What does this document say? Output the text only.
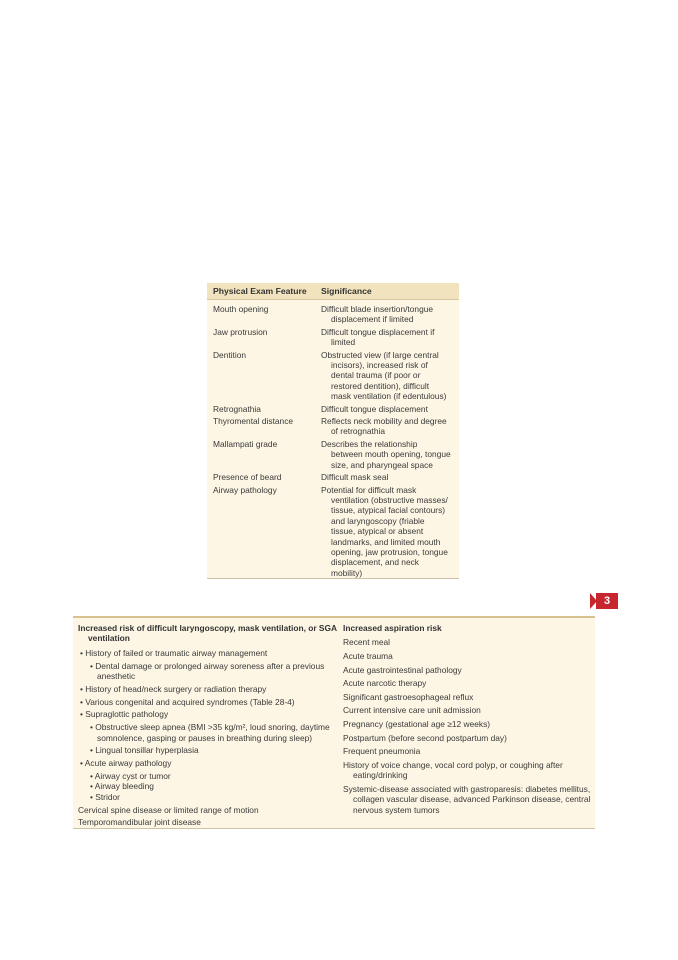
Physical Exam Feature	Significance
Mouth opening	Difficult blade insertion/tongue displacement if limited
Jaw protrusion	Difficult tongue displacement if limited
Dentition	Obstructed view (if large central incisors), increased risk of dental trauma (if poor or restored dentition), difficult mask ventilation (if edentulous)
Retrognathia	Difficult tongue displacement
Thyromental distance	Reflects neck mobility and degree of retrognathia
Mallampati grade	Describes the relationship between mouth opening, tongue size, and pharyngeal space
Presence of beard	Difficult mask seal
Airway pathology	Potential for difficult mask ventilation (obstructive masses/ tissue, atypical facial contours) and laryngoscopy (friable tissue, atypical or absent landmarks, and limited mouth opening, jaw protrusion, tongue displacement, and neck mobility)
3
Increased risk of difficult laryngoscopy, mask ventilation, or SGA ventilation
• History of failed or traumatic airway management
• Dental damage or prolonged airway soreness after a previous anesthetic
• History of head/neck surgery or radiation therapy
• Various congenital and acquired syndromes (Table 28-4)
• Supraglottic pathology
• Obstructive sleep apnea (BMI >35 kg/m², loud snoring, daytime somnolence, gasping or pauses in breathing during sleep)
• Lingual tonsillar hyperplasia
• Acute airway pathology
• Airway cyst or tumor
• Airway bleeding
• Stridor
Cervical spine disease or limited range of motion
Temporomandibular joint disease
Increased aspiration risk
Recent meal
Acute trauma
Acute gastrointestinal pathology
Acute narcotic therapy
Significant gastroesophageal reflux
Current intensive care unit admission
Pregnancy (gestational age ≥12 weeks)
Postpartum (before second postpartum day)
Frequent pneumonia
History of voice change, vocal cord polyp, or coughing after eating/drinking
Systemic-disease associated with gastroparesis: diabetes mellitus, collagen vascular disease, advanced Parkinson disease, central nervous system tumors
